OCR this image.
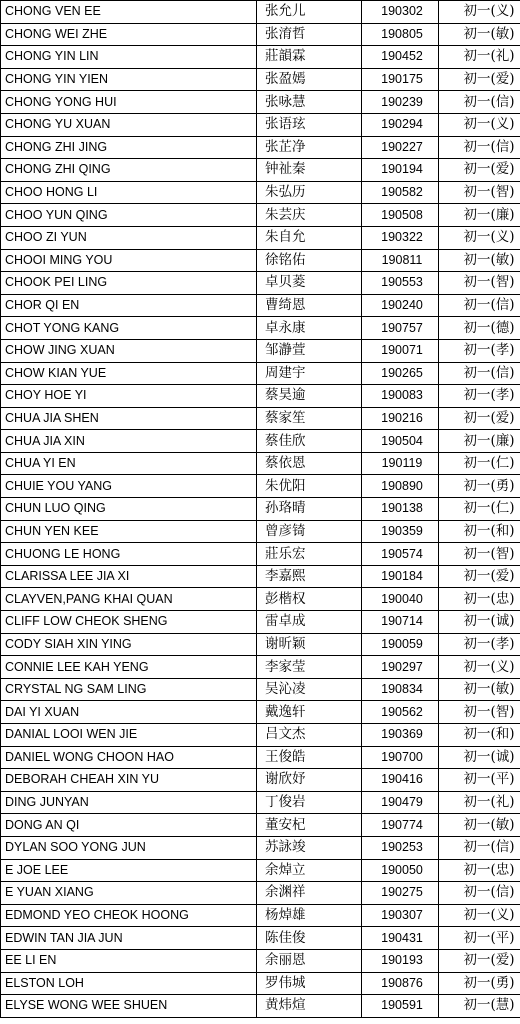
CHONG VEN EE	张允儿	190302	初一(义)
CHONG WEI ZHE	张淯哲	190805	初一(敏)
CHONG YIN LIN	莊韻霖	190452	初一(礼)
CHONG YIN YIEN	张盈嫣	190175	初一(爱)
CHONG YONG HUI	张咏慧	190239	初一(信)
CHONG YU XUAN	张语玹	190294	初一(义)
CHONG ZHI JING	张芷净	190227	初一(信)
CHONG ZHI QING	钟祉秦	190194	初一(爱)
CHOO HONG LI	朱弘历	190582	初一(智)
CHOO YUN QING	朱芸庆	190508	初一(廉)
CHOO ZI YUN	朱自允	190322	初一(义)
CHOOI MING YOU	徐铭佑	190811	初一(敏)
CHOOK PEI LING	卓贝菱	190553	初一(智)
CHOR QI EN	曹绮恩	190240	初一(信)
CHOT YONG KANG	卓永康	190757	初一(德)
CHOW JING XUAN	邹瀞萱	190071	初一(孝)
CHOW KIAN YUE	周建宇	190265	初一(信)
CHOY HOE YI	蔡昊逾	190083	初一(孝)
CHUA JIA SHEN	蔡家笙	190216	初一(爱)
CHUA JIA XIN	蔡佳欣	190504	初一(廉)
CHUA YI EN	蔡依恩	190119	初一(仁)
CHUIE YOU YANG	朱优阳	190890	初一(勇)
CHUN LUO QING	孙珞晴	190138	初一(仁)
CHUN YEN KEE	曾彦锜	190359	初一(和)
CHUONG LE HONG	莊乐宏	190574	初一(智)
CLARISSA LEE JIA XI	李嘉熙	190184	初一(爱)
CLAYVEN,PANG KHAI QUAN	彭楷权	190040	初一(忠)
CLIFF LOW CHEOK SHENG	雷卓成	190714	初一(诚)
CODY SIAH XIN YING	谢昕颖	190059	初一(孝)
CONNIE LEE KAH YENG	李家莹	190297	初一(义)
CRYSTAL NG SAM LING	吴沁凌	190834	初一(敏)
DAI YI XUAN	戴逸轩	190562	初一(智)
DANIAL LOOI WEN JIE	吕文杰	190369	初一(和)
DANIEL WONG CHOON HAO	王俊皓	190700	初一(诚)
DEBORAH CHEAH XIN YU	谢欣妤	190416	初一(平)
DING JUNYAN	丁俊岩	190479	初一(礼)
DONG AN QI	董安杞	190774	初一(敏)
DYLAN SOO YONG JUN	苏詠竣	190253	初一(信)
E JOE LEE	余焯立	190050	初一(忠)
E YUAN XIANG	余渊祥	190275	初一(信)
EDMOND YEO CHEOK HOONG	杨焯雄	190307	初一(义)
EDWIN TAN JIA JUN	陈佳俊	190431	初一(平)
EE LI EN	余丽恩	190193	初一(爱)
ELSTON LOH	罗伟城	190876	初一(勇)
ELYSE WONG WEE SHUEN	黄炜煊	190591	初一(慧)
